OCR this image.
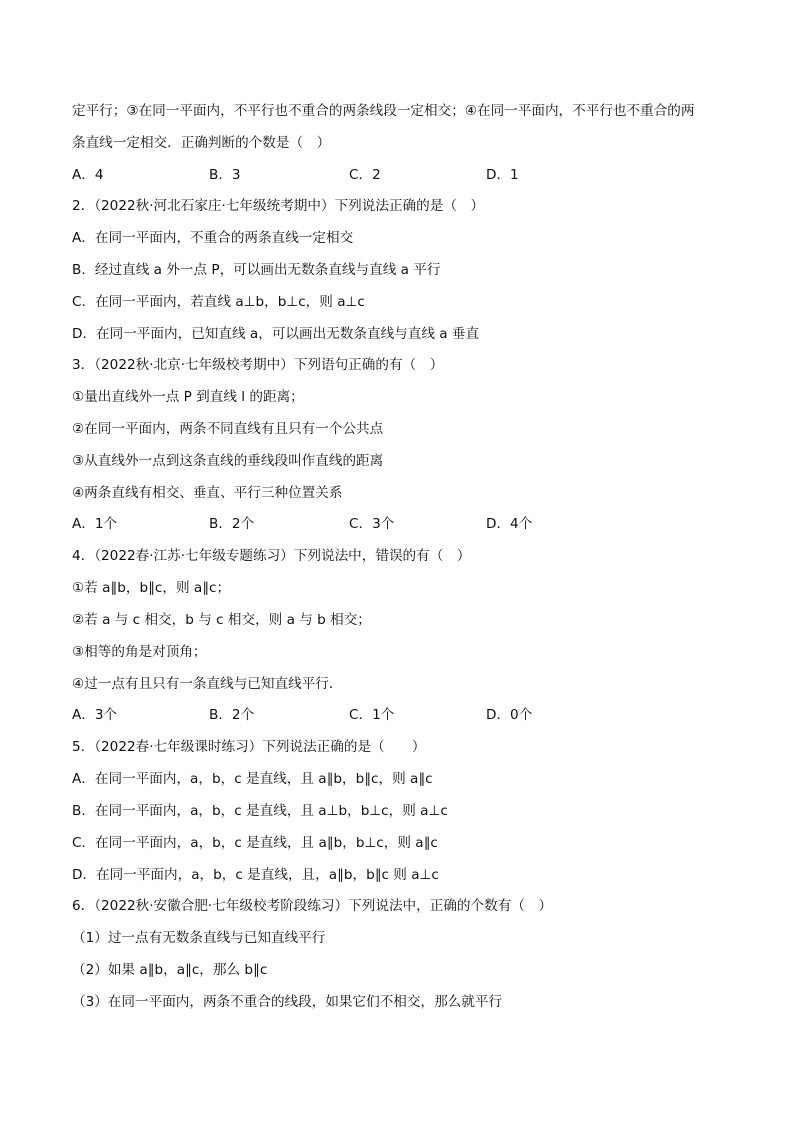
定平行；③在同一平面内，不平行也不重合的两条线段一定相交；④在同一平面内，不平行也不重合的两
条直线一定相交．正确判断的个数是（　）
A．4	B．3	C．2	D．1
2．（2022秋·河北石家庄·七年级统考期中）下列说法正确的是（　）
A．在同一平面内，不重合的两条直线一定相交
B．经过直线 a 外一点 P，可以画出无数条直线与直线 a 平行
C．在同一平面内，若直线 a⊥b，b⊥c，则 a⊥c
D．在同一平面内，已知直线 a，可以画出无数条直线与直线 a 垂直
3．（2022秋·北京·七年级校考期中）下列语句正确的有（　）
①量出直线外一点 P 到直线 l 的距离；
②在同一平面内，两条不同直线有且只有一个公共点
③从直线外一点到这条直线的垂线段叫作直线的距离
④两条直线有相交、垂直、平行三种位置关系
A．1个	B．2个	C．3个	D．4个
4．（2022春·江苏·七年级专题练习）下列说法中，错误的有（　）
①若 a∥b，b∥c，则 a∥c；
②若 a 与 c 相交，b 与 c 相交，则 a 与 b 相交；
③相等的角是对顶角；
④过一点有且只有一条直线与已知直线平行．
A．3个	B．2个	C．1个	D．0个
5．（2022春·七年级课时练习）下列说法正确的是（　　）
A．在同一平面内，a，b，c 是直线，且 a∥b，b∥c，则 a∥c
B．在同一平面内，a，b，c 是直线，且 a⊥b，b⊥c，则 a⊥c
C．在同一平面内，a，b，c 是直线，且 a∥b，b⊥c，则 a∥c
D．在同一平面内，a，b，c 是直线，且，a∥b，b∥c 则 a⊥c
6．（2022秋·安徽合肥·七年级校考阶段练习）下列说法中，正确的个数有（　）
（1）过一点有无数条直线与已知直线平行
（2）如果 a∥b，a∥c，那么 b∥c
（3）在同一平面内，两条不重合的线段，如果它们不相交，那么就平行
